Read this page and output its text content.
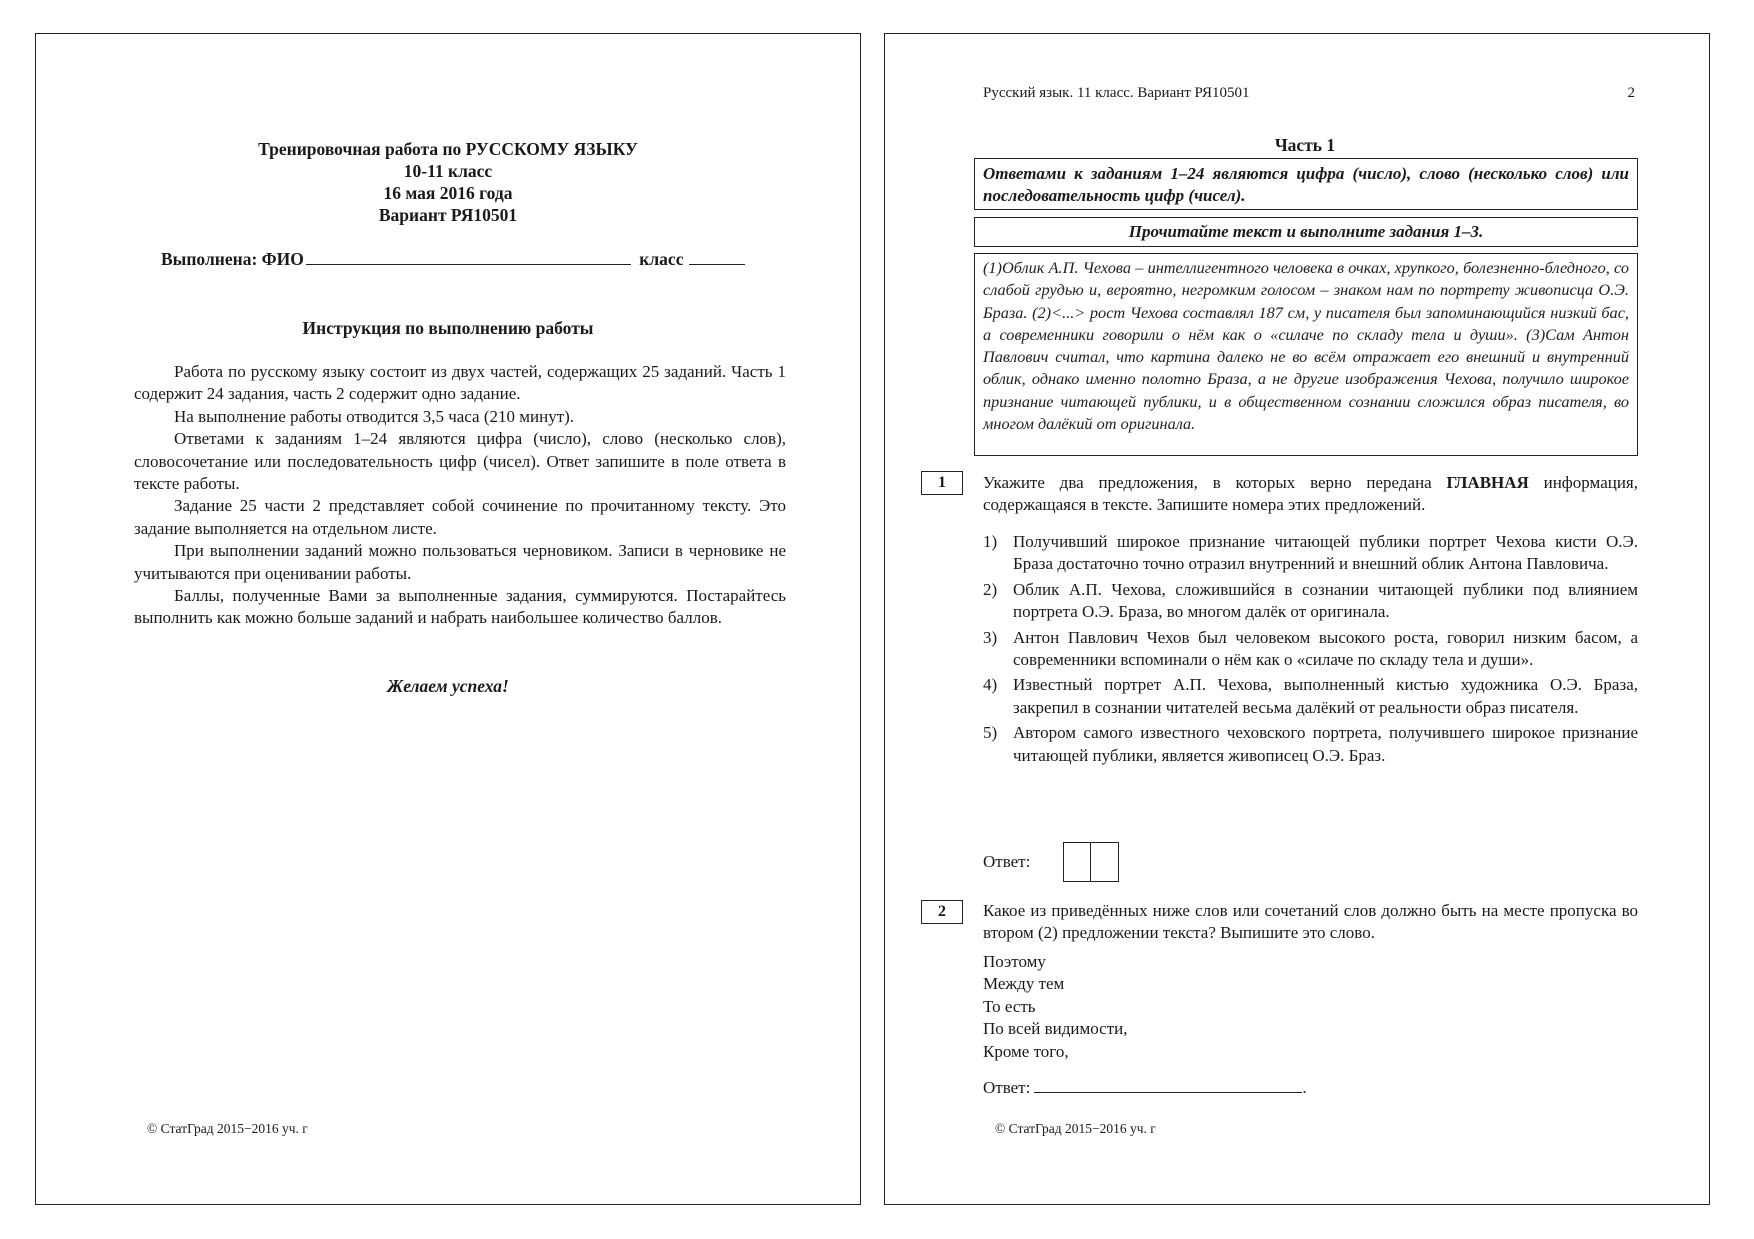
Тренировочная работа по РУССКОМУ ЯЗЫКУ
10-11 класс
16 мая 2016 года
Вариант РЯ10501
Выполнена: ФИО	класс
Инструкция по выполнению работы

Работа по русскому языку состоит из двух частей, содержащих 25 заданий. Часть 1 содержит 24 задания, часть 2 содержит одно задание.

На выполнение работы отводится 3,5 часа (210 минут).

Ответами к заданиям 1–24 являются цифра (число), слово (несколько слов), словосочетание или последовательность цифр (чисел). Ответ запишите в поле ответа в тексте работы.

Задание 25 части 2 представляет собой сочинение по прочитанному тексту. Это задание выполняется на отдельном листе.

При выполнении заданий можно пользоваться черновиком. Записи в черновике не учитываются при оценивании работы.

Баллы, полученные Вами за выполненные задания, суммируются. Постарайтесь выполнить как можно больше заданий и набрать наибольшее количество баллов.

Желаем успеха!
© СтатГрад 2015−2016 уч. г
Русский язык. 11 класс. Вариант РЯ10501	2
Часть 1
Ответами к заданиям 1–24 являются цифра (число), слово (несколько слов) или последовательность цифр (чисел).
Прочитайте текст и выполните задания 1–3.
(1)Облик А.П. Чехова – интеллигентного человека в очках, хрупкого, болезненно-бледного, со слабой грудью и, вероятно, негромким голосом – знаком нам по портрету живописца О.Э. Браза. (2)<...> рост Чехова составлял 187 см, у писателя был запоминающийся низкий бас, а современники говорили о нём как о «силаче по складу тела и души». (3)Сам Антон Павлович считал, что картина далеко не во всём отражает его внешний и внутренний облик, однако именно полотно Браза, а не другие изображения Чехова, получило широкое признание читающей публики, и в общественном сознании сложился образ писателя, во многом далёкий от оригинала.
1	Укажите два предложения, в которых верно передана ГЛАВНАЯ информация, содержащаяся в тексте. Запишите номера этих предложений.
1) Получивший широкое признание читающей публики портрет Чехова кисти О.Э. Браза достаточно точно отразил внутренний и внешний облик Антона Павловича.
2) Облик А.П. Чехова, сложившийся в сознании читающей публики под влиянием портрета О.Э. Браза, во многом далёк от оригинала.
3) Антон Павлович Чехов был человеком высокого роста, говорил низким басом, а современники вспоминали о нём как о «силаче по складу тела и души».
4) Известный портрет А.П. Чехова, выполненный кистью художника О.Э. Браза, закрепил в сознании читателей весьма далёкий от реальности образ писателя.
5) Автором самого известного чеховского портрета, получившего широкое признание читающей публики, является живописец О.Э. Браз.
Ответ:
2	Какое из приведённых ниже слов или сочетаний слов должно быть на месте пропуска во втором (2) предложении текста? Выпишите это слово.
Поэтому
Между тем
То есть
По всей видимости,
Кроме того,
Ответ:	.
© СтатГрад 2015−2016 уч. г
